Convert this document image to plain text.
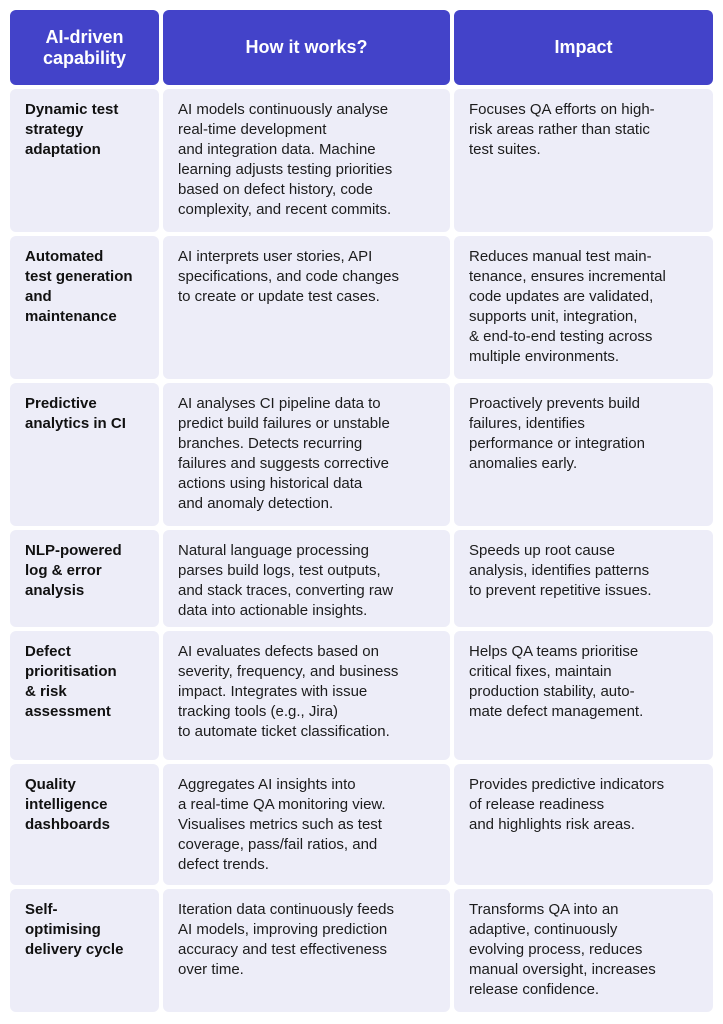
AI-driven
capability
How it works?	Impact
Dynamic test
strategy
adaptation
AI models continuously analyse
real-time development
and integration data. Machine
learning adjusts testing priorities
based on defect history, code
complexity, and recent commits.
Focuses QA efforts on high-
risk areas rather than static
test suites.
Automated
test generation
and
maintenance
AI interprets user stories, API
specifications, and code changes
to create or update test cases.
Reduces manual test main-
tenance, ensures incremental
code updates are validated,
supports unit, integration,
& end-to-end testing across
multiple environments.
Predictive
analytics in CI
AI analyses CI pipeline data to
predict build failures or unstable
branches. Detects recurring
failures and suggests corrective
actions using historical data
and anomaly detection.
Proactively prevents build
failures, identifies
performance or integration
anomalies early.
NLP-powered
log & error
analysis
Natural language processing
parses build logs, test outputs,
and stack traces, converting raw
data into actionable insights.
Speeds up root cause
analysis, identifies patterns
to prevent repetitive issues.
Defect
prioritisation
& risk
assessment
AI evaluates defects based on
severity, frequency, and business
impact. Integrates with issue
tracking tools (e.g., Jira)
to automate ticket classification.
Helps QA teams prioritise
critical fixes, maintain
production stability, auto-
mate defect management.
Quality
intelligence
dashboards
Aggregates AI insights into
a real-time QA monitoring view.
Visualises metrics such as test
coverage, pass/fail ratios, and
defect trends.
Provides predictive indicators
of release readiness
and highlights risk areas.
Self-
optimising
delivery cycle
Iteration data continuously feeds
AI models, improving prediction
accuracy and test effectiveness
over time.
Transforms QA into an
adaptive, continuously
evolving process, reduces
manual oversight, increases
release confidence.
